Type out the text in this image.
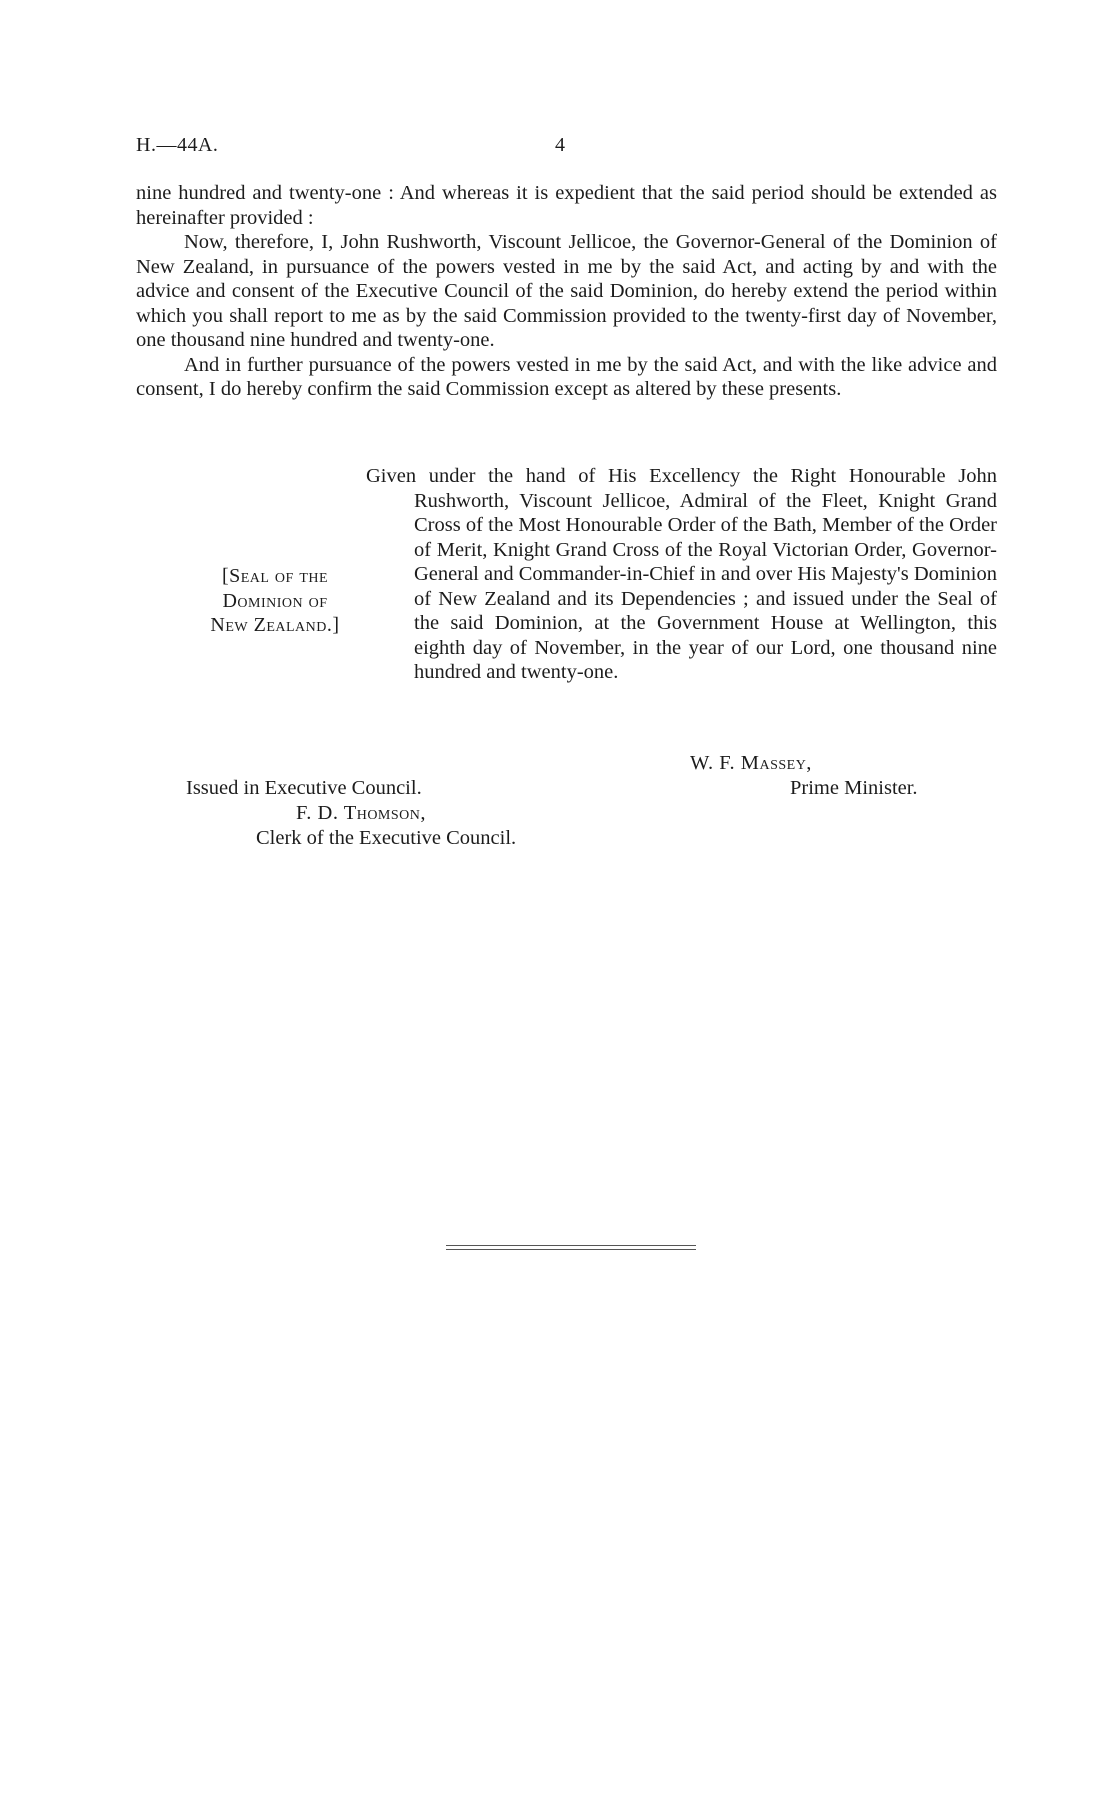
H.—44A.	4

nine hundred and twenty-one : And whereas it is expedient that the said period should be extended as hereinafter provided :

Now, therefore, I, John Rushworth, Viscount Jellicoe, the Governor-General of the Dominion of New Zealand, in pursuance of the powers vested in me by the said Act, and acting by and with the advice and consent of the Executive Council of the said Dominion, do hereby extend the period within which you shall report to me as by the said Commission provided to the twenty-first day of November, one thousand nine hundred and twenty-one.

And in further pursuance of the powers vested in me by the said Act, and with the like advice and consent, I do hereby confirm the said Commission except as altered by these presents.

[Seal of the
Dominion of
New Zealand.]
Given under the hand of His Excellency the Right Honourable John Rushworth, Viscount Jellicoe, Admiral of the Fleet, Knight Grand Cross of the Most Honourable Order of the Bath, Member of the Order of Merit, Knight Grand Cross of the Royal Victorian Order, Governor-General and Commander-in-Chief in and over His Majesty's Dominion of New Zealand and its Dependencies ; and issued under the Seal of the said Dominion, at the Government House at Wellington, this eighth day of November, in the year of our Lord, one thousand nine hundred and twenty-one.
W. F. Massey,
Prime Minister.
Issued in Executive Council.
F. D. Thomson,
Clerk of the Executive Council.
